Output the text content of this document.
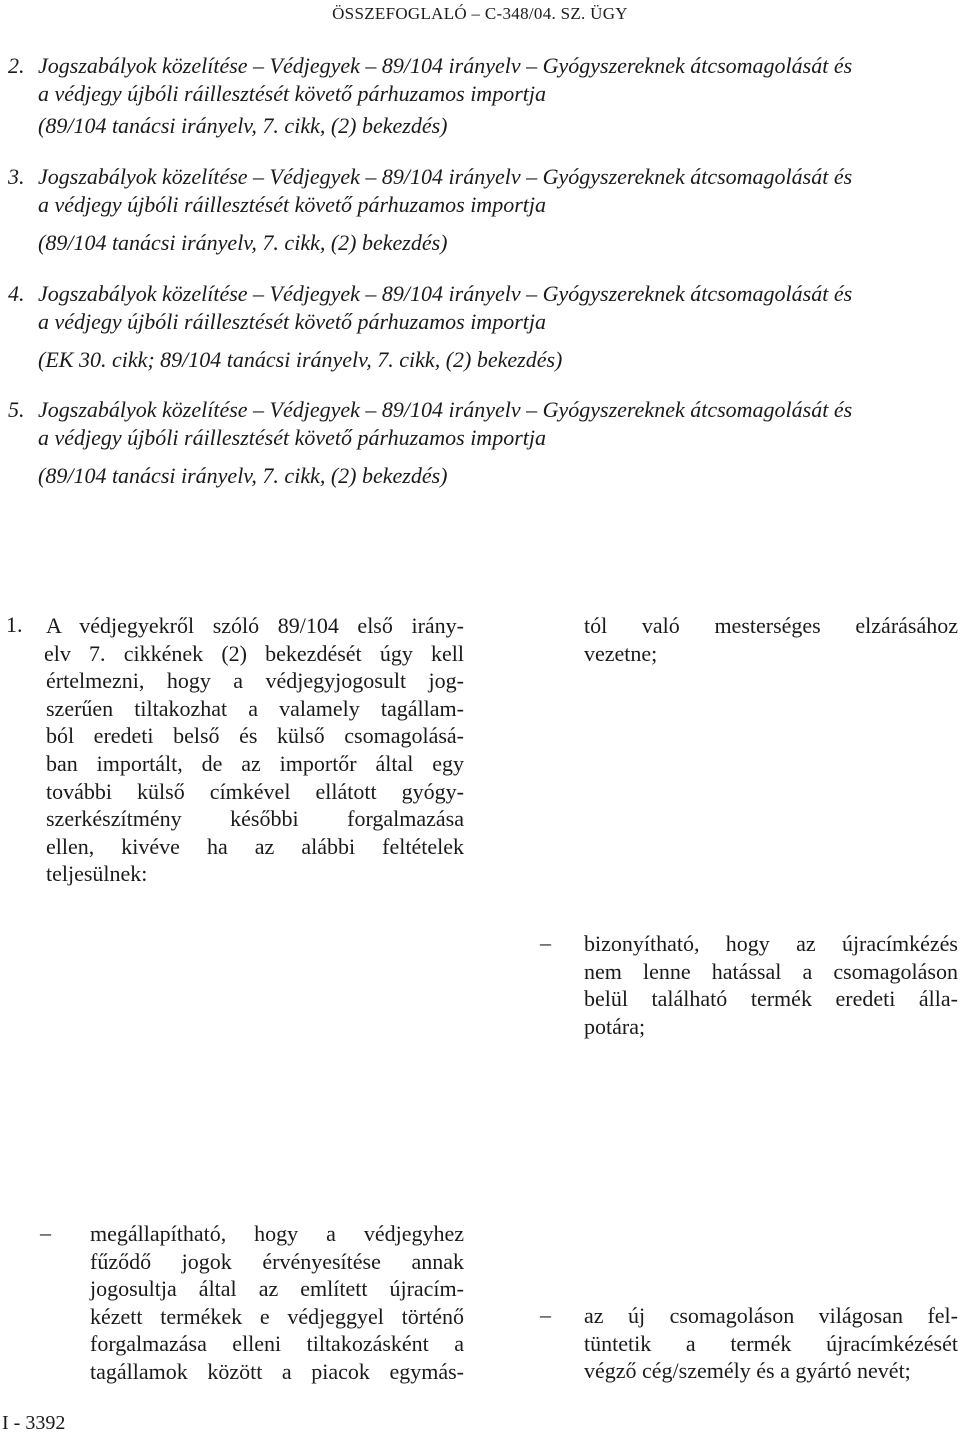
ÖSSZEFOGLALÓ – C-348/04. SZ. ÜGY
2. Jogszabályok közelítése – Védjegyek – 89/104 irányelv – Gyógyszereknek átcsomagolását és
a védjegy újbóli ráillesztését követő párhuzamos importja
(89/104 tanácsi irányelv, 7. cikk, (2) bekezdés)
3. Jogszabályok közelítése – Védjegyek – 89/104 irányelv – Gyógyszereknek átcsomagolását és
a védjegy újbóli ráillesztését követő párhuzamos importja
(89/104 tanácsi irányelv, 7. cikk, (2) bekezdés)
4. Jogszabályok közelítése – Védjegyek – 89/104 irányelv – Gyógyszereknek átcsomagolását és
a védjegy újbóli ráillesztését követő párhuzamos importja
(EK 30. cikk; 89/104 tanácsi irányelv, 7. cikk, (2) bekezdés)
5. Jogszabályok közelítése – Védjegyek – 89/104 irányelv – Gyógyszereknek átcsomagolását és
a védjegy újbóli ráillesztését követő párhuzamos importja
(89/104 tanácsi irányelv, 7. cikk, (2) bekezdés)
1. A védjegyekről szóló 89/104 első irány-
elv 7. cikkének (2) bekezdését úgy kell
értelmezni, hogy a védjegyjogosult jog-
szerűen tiltakozhat a valamely tagállam-
ból eredeti belső és külső csomagolásá-
ban importált, de az importőr által egy
további külső címkével ellátott gyógy-
szerkészítmény későbbi forgalmazása
ellen, kivéve ha az alábbi feltételek
teljesülnek:
– megállapítható, hogy a védjegyhez
fűződő jogok érvényesítése annak
jogosultja által az említett újracím-
kézett termékek e védjeggyel történő
forgalmazása elleni tiltakozásként a
tagállamok között a piacok egymás-
tól való mesterséges elzárásához
vezetne;
– bizonyítható, hogy az újracímkézés
nem lenne hatással a csomagoláson
belül található termék eredeti álla-
potára;
– az új csomagoláson világosan fel-
tüntetik a termék újracímkézését
végző cég/személy és a gyártó nevét;
I - 3392
